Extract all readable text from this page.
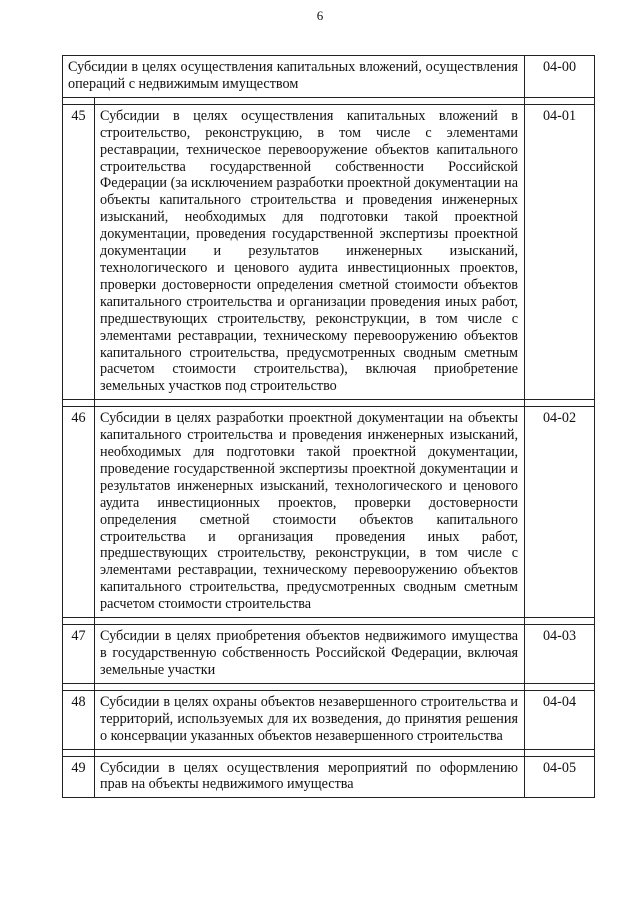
6
Субсидии в целях осуществления капитальных вложений, осуществления операций с недвижимым имуществом		04-00

45	Субсидии в целях осуществления капитальных вложений в строительство, реконструкцию, в том числе с элементами реставрации, техническое перевооружение объектов капитального строительства государственной собственности Российской Федерации (за исключением разработки проектной документации на объекты капитального строительства и проведения инженерных изысканий, необходимых для подготовки такой проектной документации, проведения государственной экспертизы проектной документации и результатов инженерных изысканий, технологического и ценового аудита инвестиционных проектов, проверки достоверности определения сметной стоимости объектов капитального строительства и организации проведения иных работ, предшествующих строительству, реконструкции, в том числе с элементами реставрации, техническому перевооружению объектов капитального строительства, предусмотренных сводным сметным расчетом стоимости строительства), включая приобретение земельных участков под строительство	04-01

46	Субсидии в целях разработки проектной документации на объекты капитального строительства и проведения инженерных изысканий, необходимых для подготовки такой проектной документации, проведение государственной экспертизы проектной документации и результатов инженерных изысканий, технологического и ценового аудита инвестиционных проектов, проверки достоверности определения сметной стоимости объектов капитального строительства и организация проведения иных работ, предшествующих строительству, реконструкции, в том числе с элементами реставрации, техническому перевооружению объектов капитального строительства, предусмотренных сводным сметным расчетом стоимости строительства	04-02

47	Субсидии в целях приобретения объектов недвижимого имущества в государственную собственность Российской Федерации, включая земельные участки	04-03

48	Субсидии в целях охраны объектов незавершенного строительства и территорий, используемых для их возведения, до принятия решения о консервации указанных объектов незавершенного строительства	04-04

49	Субсидии в целях осуществления мероприятий по оформлению прав на объекты недвижимого имущества	04-05
